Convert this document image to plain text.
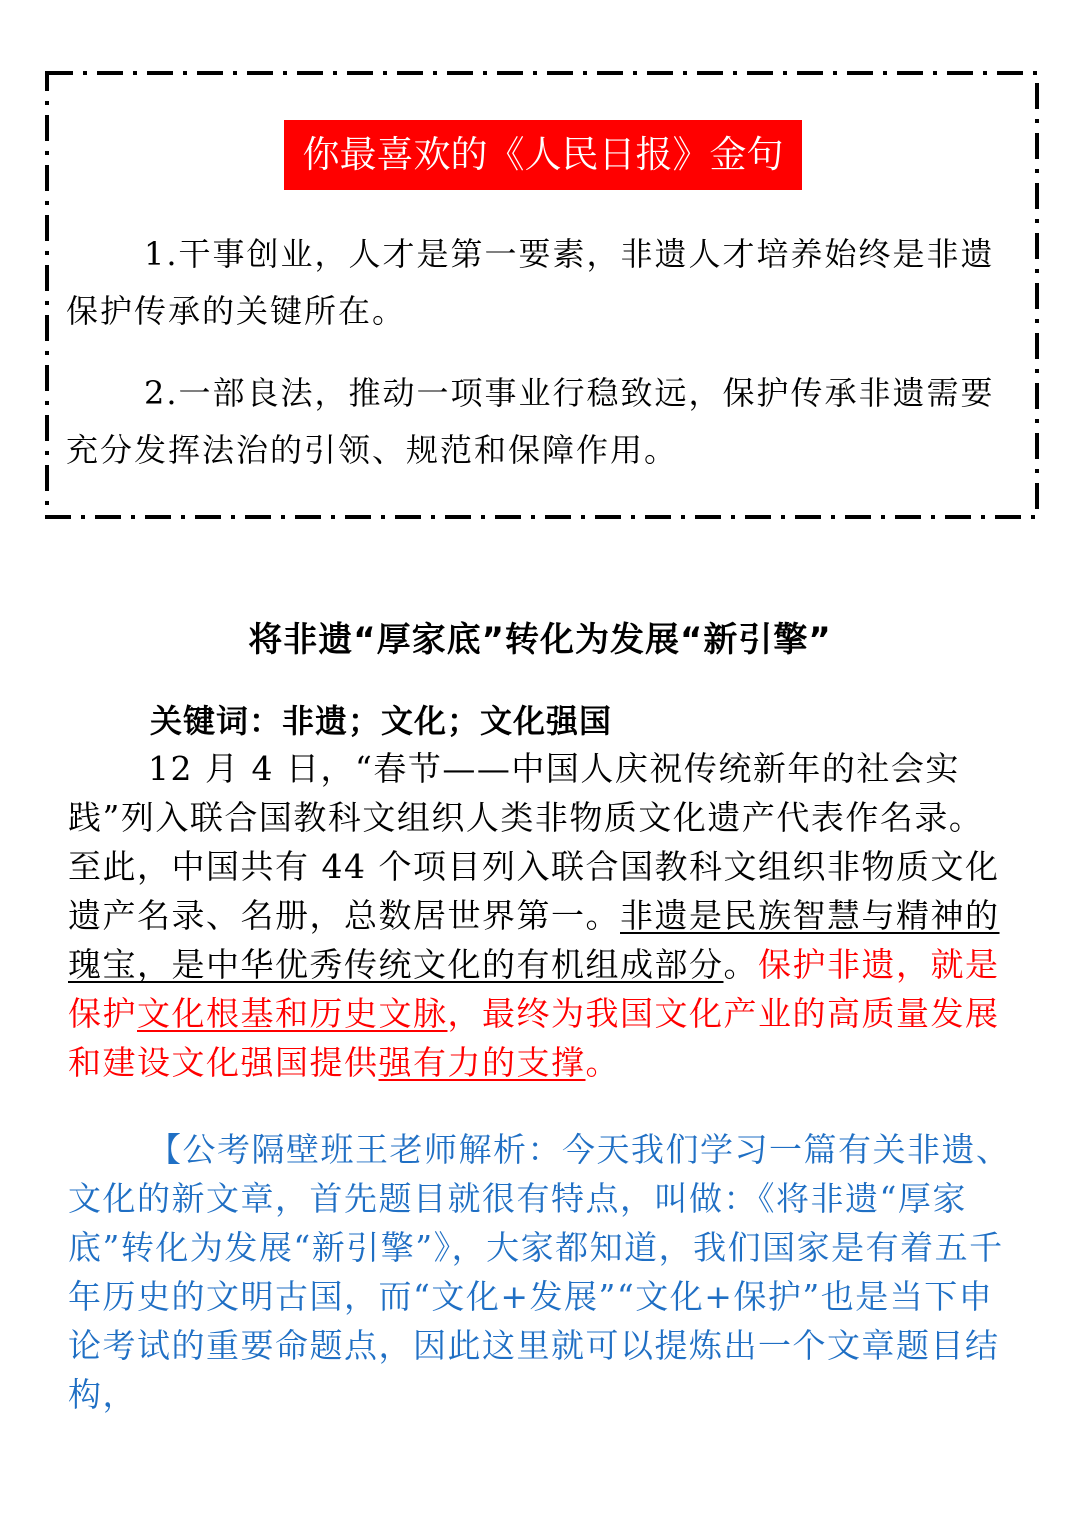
你最喜欢的《人民日报》金句
1.干事创业，人才是第一要素，非遗人才培养始终是非遗保护传承的关键所在。
2.一部良法，推动一项事业行稳致远，保护传承非遗需要充分发挥法治的引领、规范和保障作用。
将非遗“厚家底”转化为发展“新引擎”
关键词：非遗；文化；文化强国
12 月 4 日，“春节——中国人庆祝传统新年的社会实践”列入联合国教科文组织人类非物质文化遗产代表作名录。至此，中国共有 44 个项目列入联合国教科文组织非物质文化遗产名录、名册，总数居世界第一。非遗是民族智慧与精神的瑰宝，是中华优秀传统文化的有机组成部分。保护非遗，就是保护文化根基和历史文脉，最终为我国文化产业的高质量发展和建设文化强国提供强有力的支撑。
【公考隔壁班王老师解析：今天我们学习一篇有关非遗、文化的新文章，首先题目就很有特点，叫做：《将非遗“厚家底”转化为发展“新引擎”》，大家都知道，我们国家是有着五千年历史的文明古国，而“文化+发展”“文化+保护”也是当下申论考试的重要命题点，因此这里就可以提炼出一个文章题目结构，
